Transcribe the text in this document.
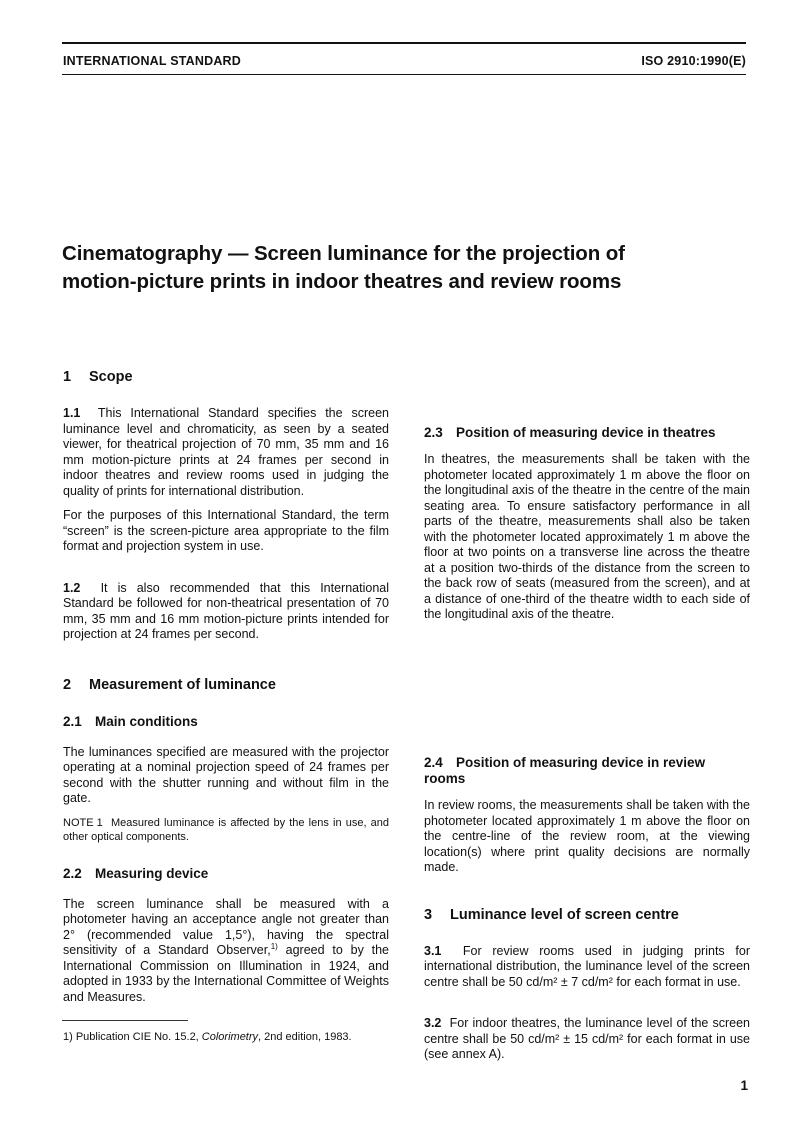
INTERNATIONAL STANDARD	ISO 2910:1990(E)
Cinematography — Screen luminance for the projection of
motion-picture prints in indoor theatres and review rooms
1 Scope

1.1 This International Standard specifies the screen luminance level and chromaticity, as seen by a seated viewer, for theatrical projection of 70 mm, 35 mm and 16 mm motion-picture prints at 24 frames per second in indoor theatres and review rooms used in judging the quality of prints for international distribution.

For the purposes of this International Standard, the term “screen” is the screen-picture area appropriate to the film format and projection system in use.

1.2 It is also recommended that this International Standard be followed for non-theatrical presentation of 70 mm, 35 mm and 16 mm motion-picture prints intended for projection at 24 frames per second.

2 Measurement of luminance
2.1 Main conditions

The luminances specified are measured with the projector operating at a nominal projection speed of 24 frames per second with the shutter running and without film in the gate.

NOTE 1 Measured luminance is affected by the lens in use, and other optical components.

2.2 Measuring device

The screen luminance shall be measured with a photometer having an acceptance angle not greater than 2° (recommended value 1,5°), having the spectral sensitivity of a Standard Observer,$^{1)}$ agreed to by the International Commission on Illumination in 1924, and adopted in 1933 by the International Committee of Weights and Measures.

2.4 Position of measuring device in review rooms

In review rooms, the measurements shall be taken with the photometer located approximately 1 m above the floor on the centre-line of the review room, at the viewing location(s) where print quality decisions are normally made.

3 Luminance level of screen centre

3.1 For review rooms used in judging prints for international distribution, the luminance level of the screen centre shall be 50 cd/m² ± 7 cd/m² for each format in use.

3.2 For indoor theatres, the luminance level of the screen centre shall be 50 cd/m² ± 15 cd/m² for each format in use (see annex A).

2.3 Position of measuring device in theatres

In theatres, the measurements shall be taken with the photometer located approximately 1 m above the floor on the longitudinal axis of the theatre in the centre of the main seating area. To ensure satisfactory performance in all parts of the theatre, measurements shall also be taken with the photometer located approximately 1 m above the floor at two points on a transverse line across the theatre at a position two-thirds of the distance from the screen to the back row of seats (measured from the screen), and at a distance of one-third of the theatre width to each side of the longitudinal axis of the theatre.

1) Publication CIE No. 15.2, Colorimetry, 2nd edition, 1983.
1
